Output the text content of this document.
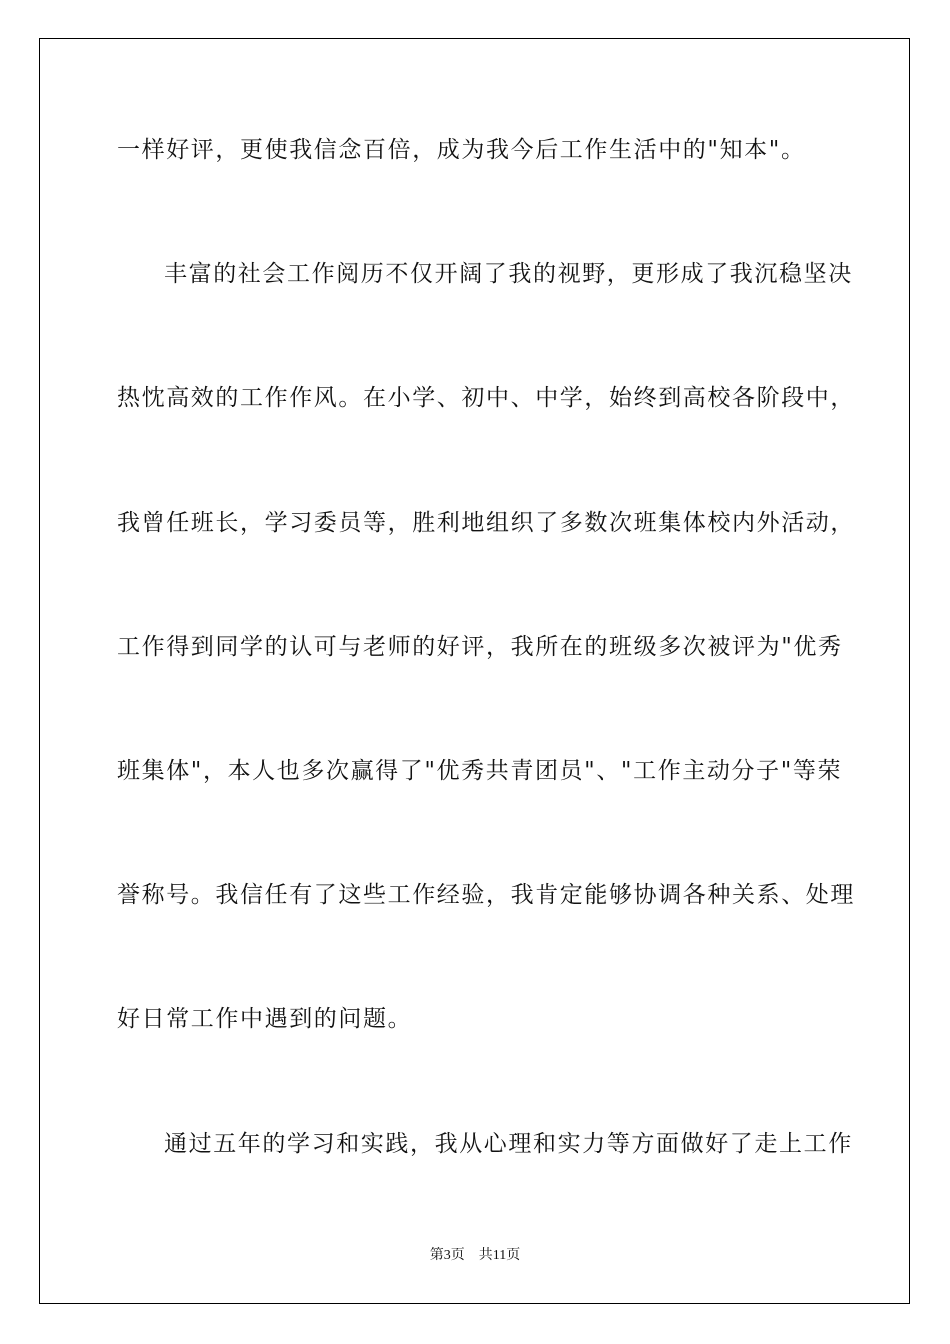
一样好评，更使我信念百倍，成为我今后工作生活中的"知本"。

丰富的社会工作阅历不仅开阔了我的视野，更形成了我沉稳坚决

热忱高效的工作作风。在小学、初中、中学，始终到高校各阶段中，

我曾任班长，学习委员等，胜利地组织了多数次班集体校内外活动，

工作得到同学的认可与老师的好评，我所在的班级多次被评为"优秀

班集体"，本人也多次赢得了"优秀共青团员"、"工作主动分子"等荣

誉称号。我信任有了这些工作经验，我肯定能够协调各种关系、处理

好日常工作中遇到的问题。

通过五年的学习和实践，我从心理和实力等方面做好了走上工作

第3页 共11页
